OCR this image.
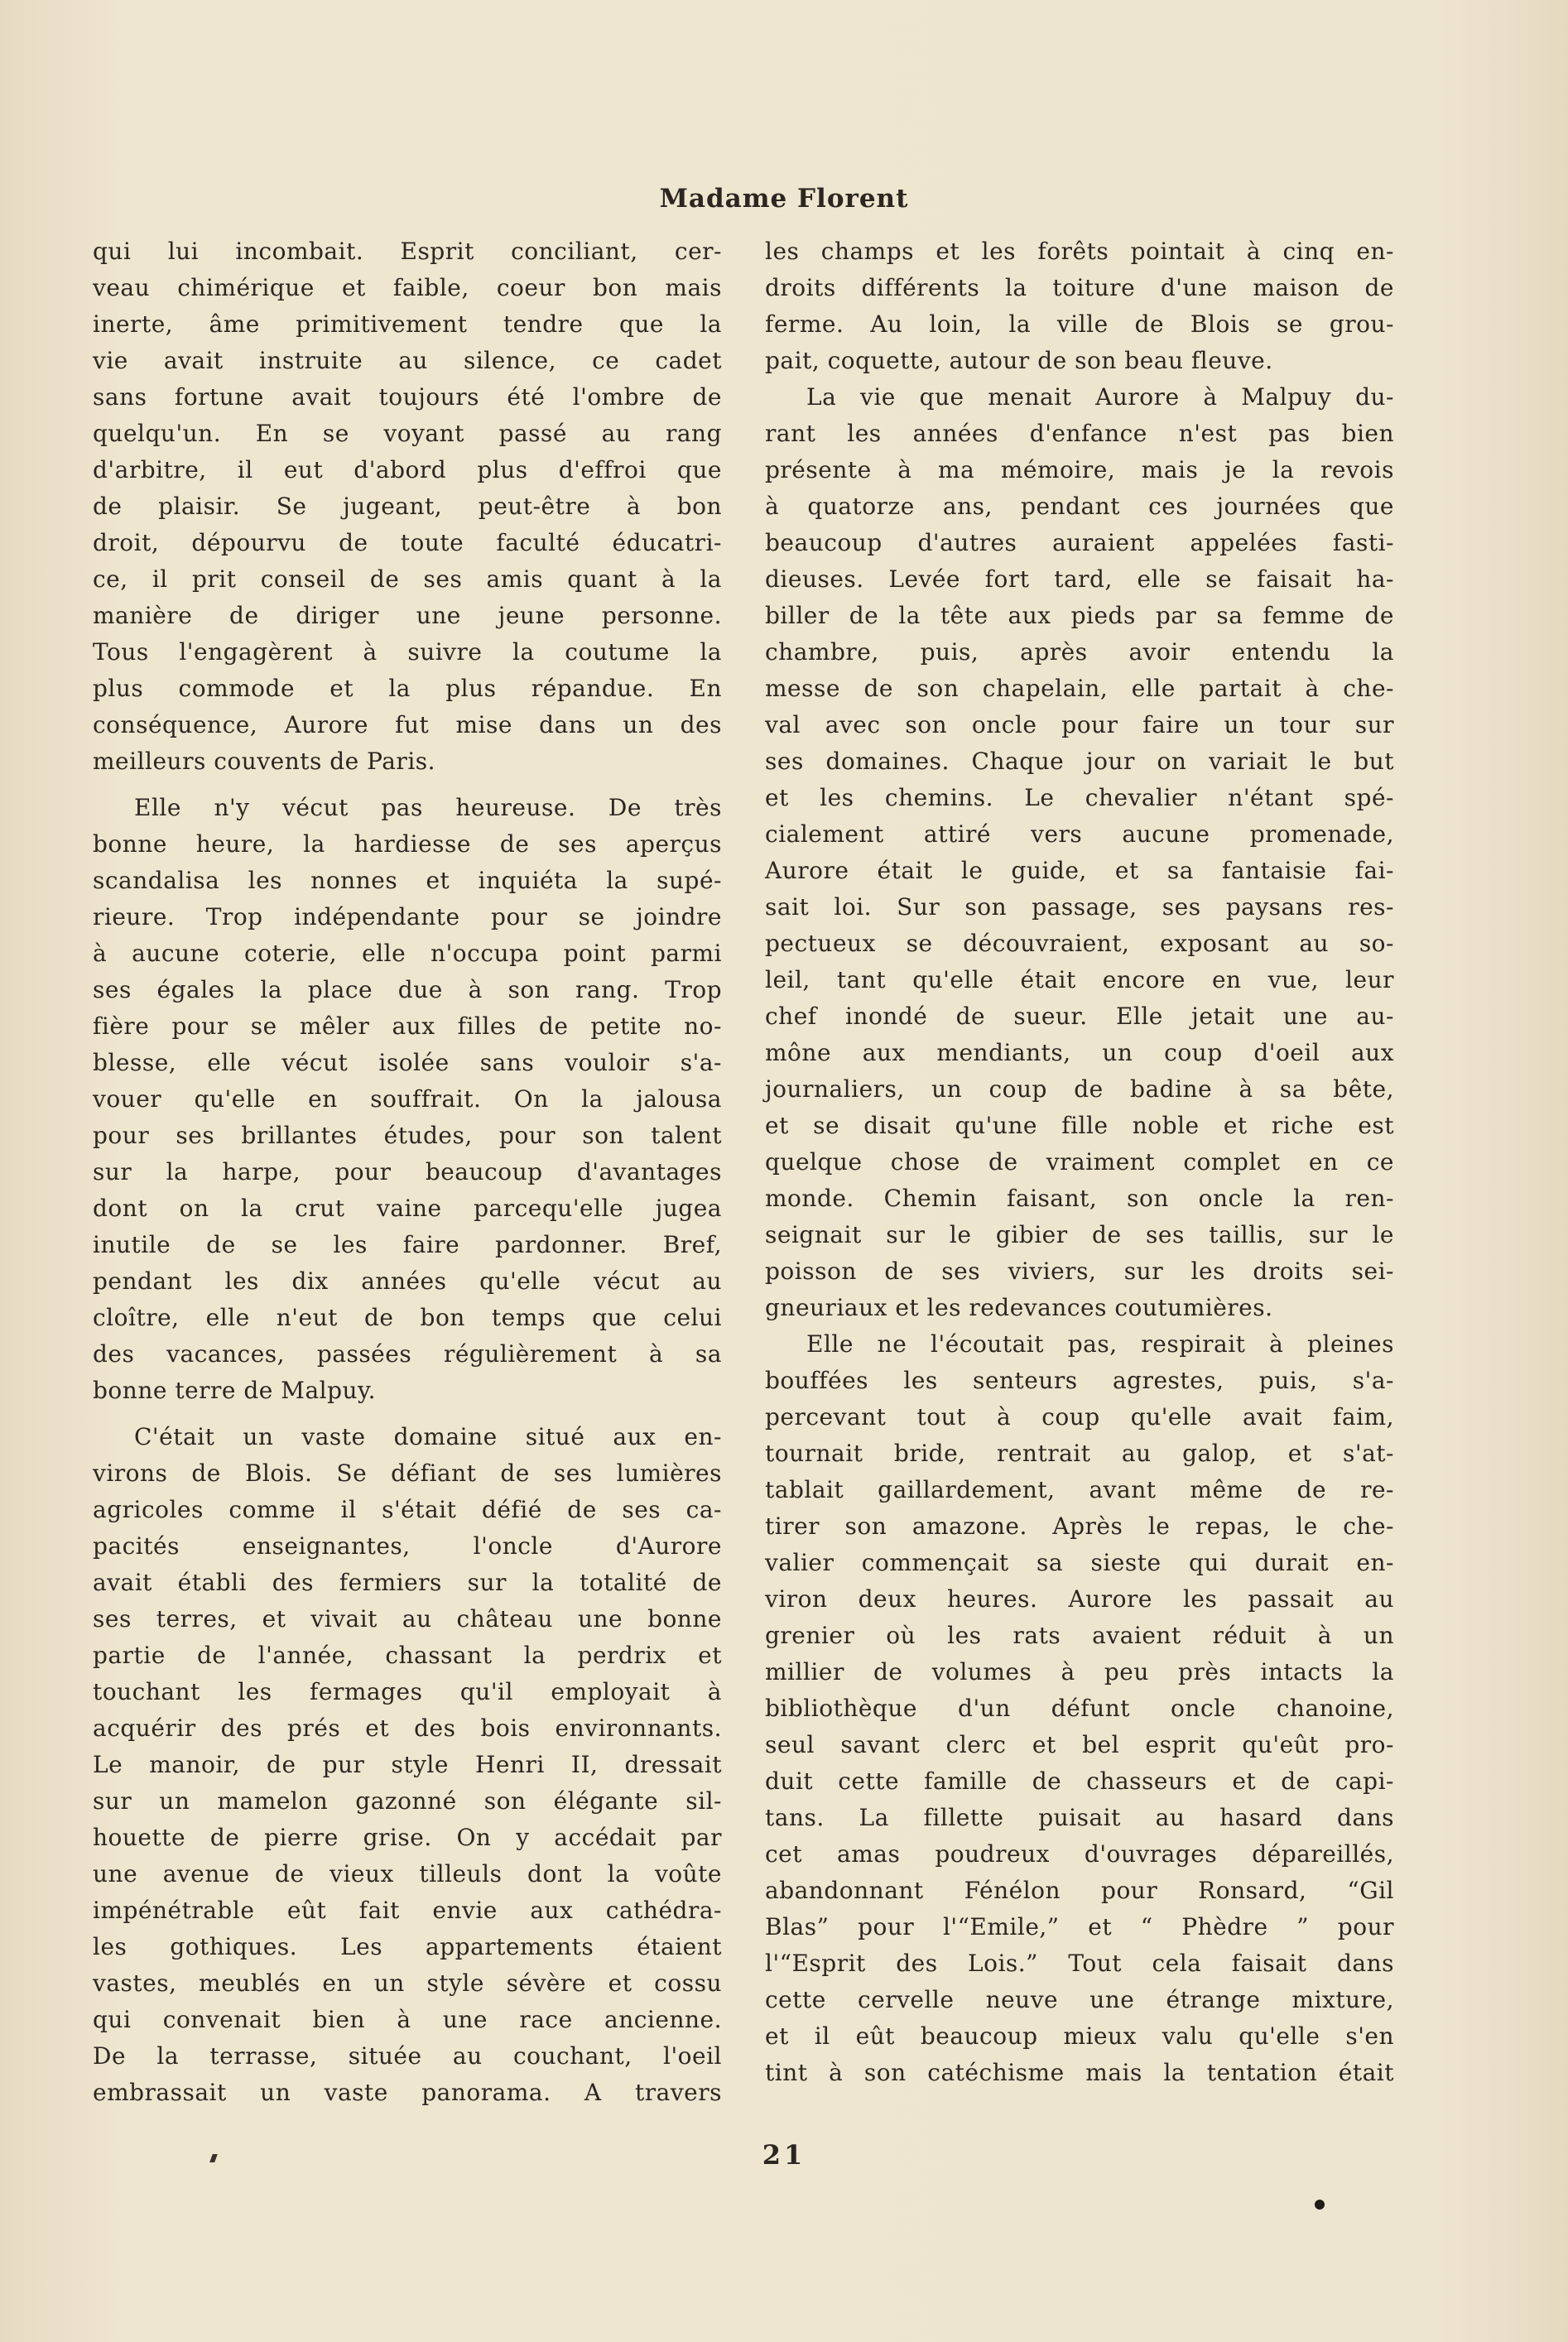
Madame Florent
qui lui incombait. Esprit conciliant, cer-
veau chimérique et faible, coeur bon mais
inerte, âme primitivement tendre que la
vie avait instruite au silence, ce cadet
sans fortune avait toujours été l'ombre de
quelqu'un. En se voyant passé au rang
d'arbitre, il eut d'abord plus d'effroi que
de plaisir. Se jugeant, peut-être à bon
droit, dépourvu de toute faculté éducatri-
ce, il prit conseil de ses amis quant à la
manière de diriger une jeune personne.
Tous l'engagèrent à suivre la coutume la
plus commode et la plus répandue. En
conséquence, Aurore fut mise dans un des
meilleurs couvents de Paris.
Elle n'y vécut pas heureuse. De très
bonne heure, la hardiesse de ses aperçus
scandalisa les nonnes et inquiéta la supé-
rieure. Trop indépendante pour se joindre
à aucune coterie, elle n'occupa point parmi
ses égales la place due à son rang. Trop
fière pour se mêler aux filles de petite no-
blesse, elle vécut isolée sans vouloir s'a-
vouer qu'elle en souffrait. On la jalousa
pour ses brillantes études, pour son talent
sur la harpe, pour beaucoup d'avantages
dont on la crut vaine parcequ'elle jugea
inutile de se les faire pardonner. Bref,
pendant les dix années qu'elle vécut au
cloître, elle n'eut de bon temps que celui
des vacances, passées régulièrement à sa
bonne terre de Malpuy.
C'était un vaste domaine situé aux en-
virons de Blois. Se défiant de ses lumières
agricoles comme il s'était défié de ses ca-
pacités enseignantes, l'oncle d'Aurore
avait établi des fermiers sur la totalité de
ses terres, et vivait au château une bonne
partie de l'année, chassant la perdrix et
touchant les fermages qu'il employait à
acquérir des prés et des bois environnants.
Le manoir, de pur style Henri II, dressait
sur un mamelon gazonné son élégante sil-
houette de pierre grise. On y accédait par
une avenue de vieux tilleuls dont la voûte
impénétrable eût fait envie aux cathédra-
les gothiques. Les appartements étaient
vastes, meublés en un style sévère et cossu
qui convenait bien à une race ancienne.
De la terrasse, située au couchant, l'oeil
embrassait un vaste panorama. A travers
les champs et les forêts pointait à cinq en-
droits différents la toiture d'une maison de
ferme. Au loin, la ville de Blois se grou-
pait, coquette, autour de son beau fleuve.
La vie que menait Aurore à Malpuy du-
rant les années d'enfance n'est pas bien
présente à ma mémoire, mais je la revois
à quatorze ans, pendant ces journées que
beaucoup d'autres auraient appelées fasti-
dieuses. Levée fort tard, elle se faisait ha-
biller de la tête aux pieds par sa femme de
chambre, puis, après avoir entendu la
messe de son chapelain, elle partait à che-
val avec son oncle pour faire un tour sur
ses domaines. Chaque jour on variait le but
et les chemins. Le chevalier n'étant spé-
cialement attiré vers aucune promenade,
Aurore était le guide, et sa fantaisie fai-
sait loi. Sur son passage, ses paysans res-
pectueux se découvraient, exposant au so-
leil, tant qu'elle était encore en vue, leur
chef inondé de sueur. Elle jetait une au-
mône aux mendiants, un coup d'oeil aux
journaliers, un coup de badine à sa bête,
et se disait qu'une fille noble et riche est
quelque chose de vraiment complet en ce
monde. Chemin faisant, son oncle la ren-
seignait sur le gibier de ses taillis, sur le
poisson de ses viviers, sur les droits sei-
gneuriaux et les redevances coutumières.
Elle ne l'écoutait pas, respirait à pleines
bouffées les senteurs agrestes, puis, s'a-
percevant tout à coup qu'elle avait faim,
tournait bride, rentrait au galop, et s'at-
tablait gaillardement, avant même de re-
tirer son amazone. Après le repas, le che-
valier commençait sa sieste qui durait en-
viron deux heures. Aurore les passait au
grenier où les rats avaient réduit à un
millier de volumes à peu près intacts la
bibliothèque d'un défunt oncle chanoine,
seul savant clerc et bel esprit qu'eût pro-
duit cette famille de chasseurs et de capi-
tans. La fillette puisait au hasard dans
cet amas poudreux d'ouvrages dépareillés,
abandonnant Fénélon pour Ronsard, “Gil
Blas” pour l'“Emile,” et “ Phèdre ” pour
l'“Esprit des Lois.” Tout cela faisait dans
cette cervelle neuve une étrange mixture,
et il eût beaucoup mieux valu qu'elle s'en
tint à son catéchisme mais la tentation était
21
